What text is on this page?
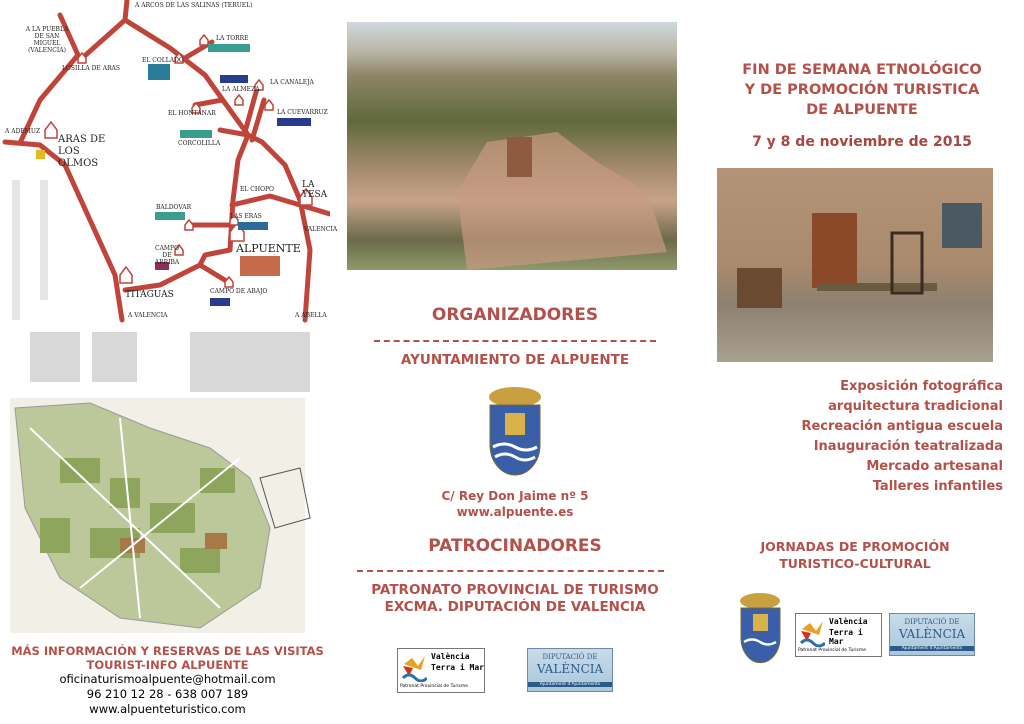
A ARCOS DE LAS SALINAS (TERUEL)
A LA PUEBLA DE SAN MIGUEL (VALENCIA)
A ADEMUZ
A VALENCIA
VALENCIA
A ABELLA
ARAS DE LOS OLMOS
ALPUENTE
TITAGUAS
LA YESA
LOSILLA DE ARAS
EL COLLADO
LA TORRE
LA CANALEJA
LA ALMEZA
EL HONTANAR	LA CUEVARRUZ
CORCOLILLA
BALDOVAR
LAS ERAS
CAMPO DE ARRIBA
CAMPO DE ABAJO
EL CHOPO
MÁS INFORMACIÓN Y RESERVAS DE LAS VISITAS
TOURIST-INFO ALPUENTE
oficinaturismoalpuente@hotmail.com
96 210 12 28 - 638 007 189
www.alpuenteturistico.com
ORGANIZADORES
AYUNTAMIENTO DE ALPUENTE
C/ Rey Don Jaime nº 5
www.alpuente.es
PATROCINADORES
PATRONATO PROVINCIAL DE TURISMO
EXCMA. DIPUTACIÓN DE VALENCIA
València
Terra i Mar
Patronat Provincial de Turisme
DIPUTACIÓ DE
VALÈNCIA
Ajuntament d'Ajuntaments
FIN DE SEMANA ETNOLÓGICO
Y DE PROMOCIÓN TURISTICA
DE ALPUENTE
7 y 8 de noviembre de 2015
Exposición fotográfica
arquitectura tradicional
Recreación antigua escuela
Inauguración teatralizada
Mercado artesanal
Talleres infantiles
JORNADAS DE PROMOCIÓN
TURISTICO-CULTURAL
València
Terra i Mar
Patronat Provincial de Turisme
DIPUTACIÓ DE
VALÈNCIA
Ajuntament d'Ajuntaments
